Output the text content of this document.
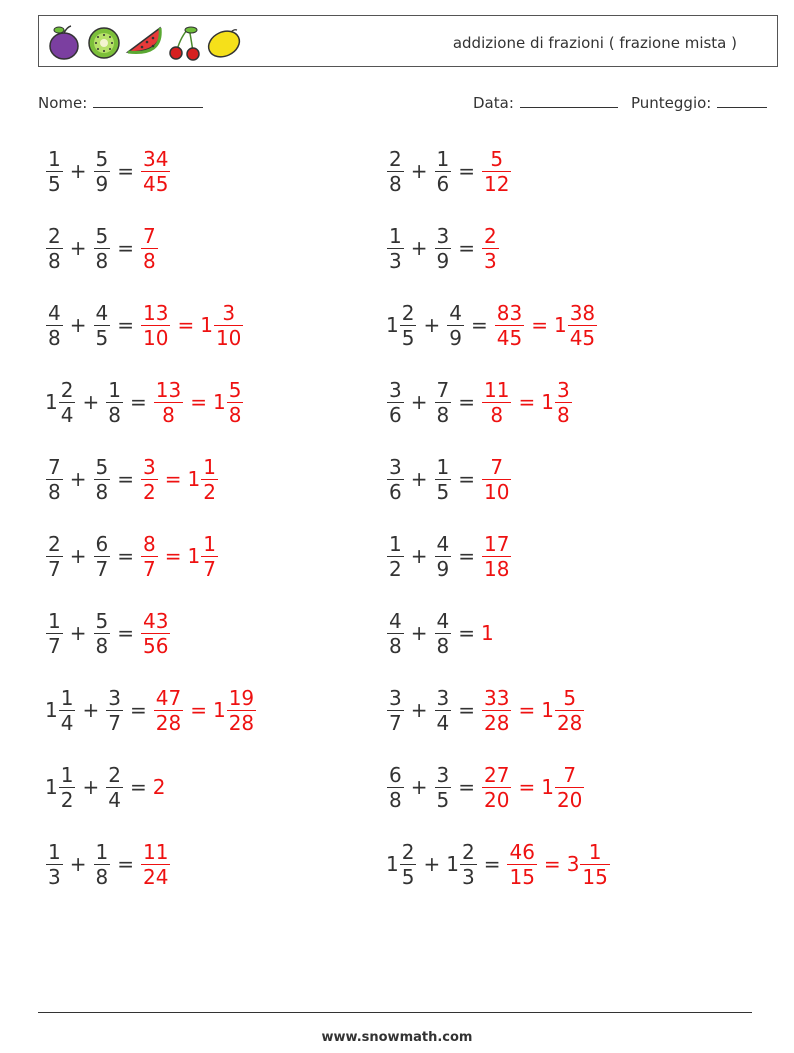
addizione di frazioni ( frazione mista )
Nome:	Data:	Punteggio:
$\frac{1}{5} + \frac{5}{9} = \frac{34}{45}$	$\frac{2}{8} + \frac{1}{6} = \frac{5}{12}$
$\frac{2}{8} + \frac{5}{8} = \frac{7}{8}$	$\frac{1}{3} + \frac{3}{9} = \frac{2}{3}$
$\frac{4}{8} + \frac{4}{5} = \frac{13}{10} = 1 \frac{3}{10}$	$1 \frac{2}{5} + \frac{4}{9} = \frac{83}{45} = 1 \frac{38}{45}$
$1 \frac{2}{4} + \frac{1}{8} = \frac{13}{8} = 1 \frac{5}{8}$	$\frac{3}{6} + \frac{7}{8} = \frac{11}{8} = 1 \frac{3}{8}$
$\frac{7}{8} + \frac{5}{8} = \frac{3}{2} = 1 \frac{1}{2}$	$\frac{3}{6} + \frac{1}{5} = \frac{7}{10}$
$\frac{2}{7} + \frac{6}{7} = \frac{8}{7} = 1 \frac{1}{7}$	$\frac{1}{2} + \frac{4}{9} = \frac{17}{18}$
$\frac{1}{7} + \frac{5}{8} = \frac{43}{56}$	$\frac{4}{8} + \frac{4}{8} = 1$
$1 \frac{1}{4} + \frac{3}{7} = \frac{47}{28} = 1 \frac{19}{28}$	$\frac{3}{7} + \frac{3}{4} = \frac{33}{28} = 1 \frac{5}{28}$
$1 \frac{1}{2} + \frac{2}{4} = 2$	$\frac{6}{8} + \frac{3}{5} = \frac{27}{20} = 1 \frac{7}{20}$
$\frac{1}{3} + \frac{1}{8} = \frac{11}{24}$	$1 \frac{2}{5} + 1 \frac{2}{3} = \frac{46}{15} = 3 \frac{1}{15}$
www.snowmath.com
